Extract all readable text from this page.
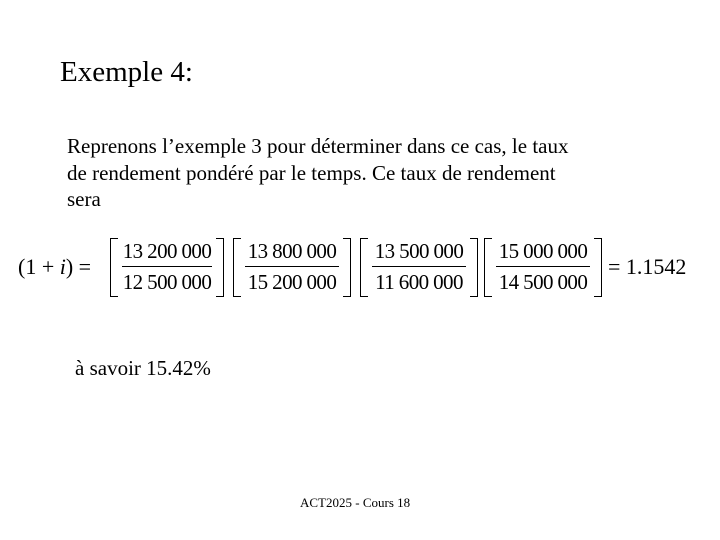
Exemple 4:
Reprenons l’exemple 3 pour déterminer dans ce cas, le taux
de rendement pondéré par le temps. Ce taux de rendement
sera
(1 + i) =
13 200 000
12 500 000
13 800 000
15 200 000
13 500 000
11 600 000
15 000 000
14 500 000
= 1.1542
à savoir 15.42%
ACT2025 - Cours 18
